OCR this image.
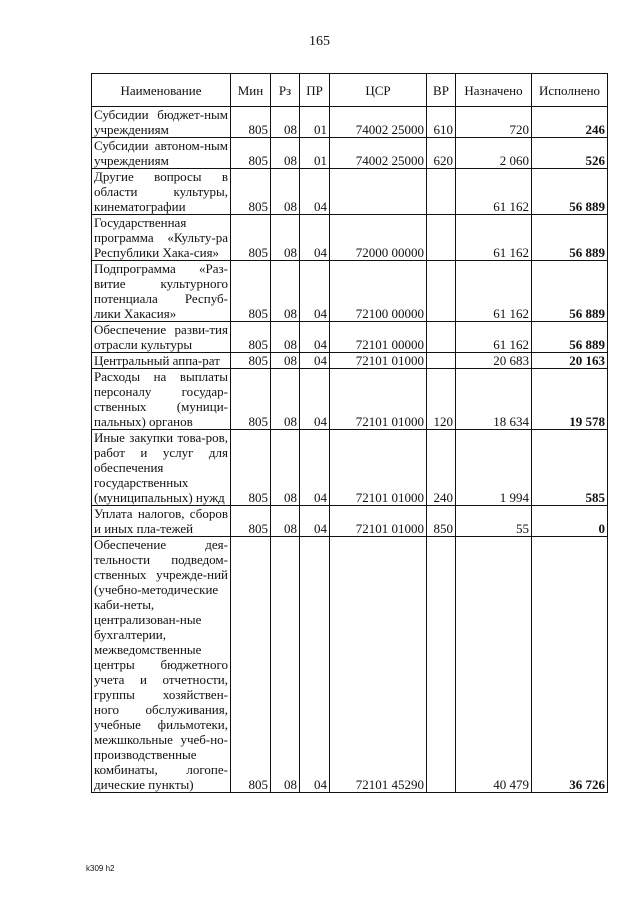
165
Наименование	Мин	Рз	ПР	ЦСР	ВР	Назначено	Исполнено
Субсидии бюджет-ным учреждениям	805	08	01	74002 25000	610	720	246
Субсидии автоном-ным учреждениям	805	08	01	74002 25000	620	2 060	526
Другие вопросы в области культуры, кинематографии	805	08	04			61 162	56 889
Государственная программа «Культу-ра Республики Хака-сия»	805	08	04	72000 00000		61 162	56 889
Подпрограмма «Раз-витие культурного потенциала Респуб-лики Хакасия»	805	08	04	72100 00000		61 162	56 889
Обеспечение разви-тия отрасли культуры	805	08	04	72101 00000		61 162	56 889
Центральный аппа-рат	805	08	04	72101 01000		20 683	20 163
Расходы на выплаты персоналу государ-ственных (муници-пальных) органов	805	08	04	72101 01000	120	18 634	19 578
Иные закупки това-ров, работ и услуг для обеспечения государственных (муниципальных) нужд	805	08	04	72101 01000	240	1 994	585
Уплата налогов, сборов и иных пла-тежей	805	08	04	72101 01000	850	55	0
Обеспечение дея-тельности подведом-ственных учрежде-ний (учебно-методические каби-неты, централизован-ные бухгалтерии, межведомственные центры бюджетного учета и отчетности, группы хозяйствен-ного обслуживания, учебные фильмотеки, межшкольные учеб-но-производственные комбинаты, логопе-дические пункты)	805	08	04	72101 45290		40 479	36 726
k309 h2
